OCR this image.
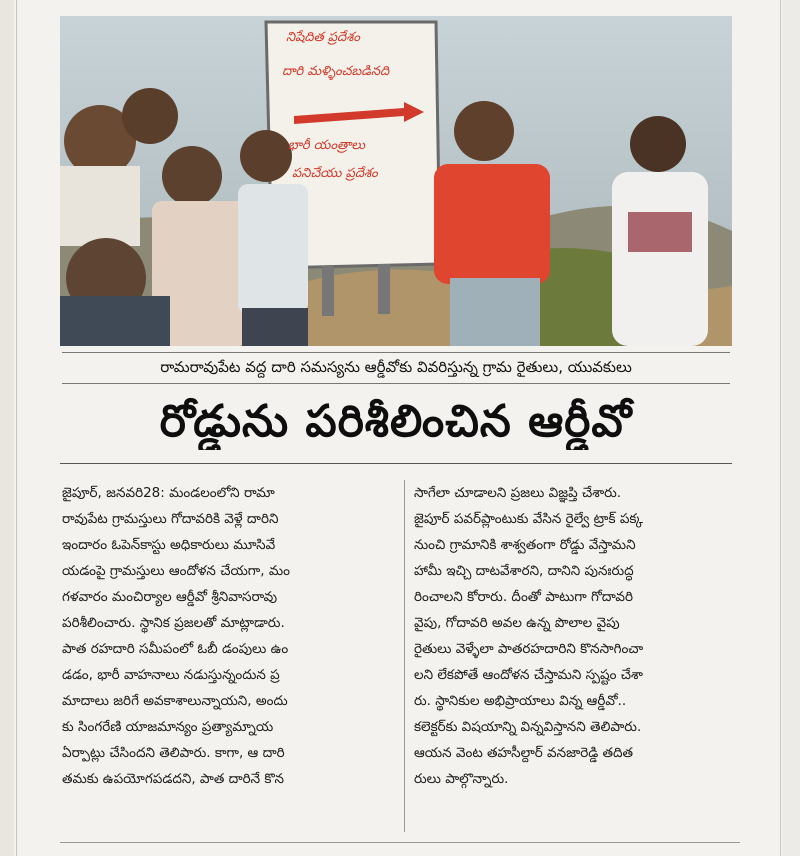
నిషేదిత ప్రదేశం
దారి మళ్ళించబడినది
భారీ యంత్రాలు
పనిచేయు ప్రదేశం
రామరావుపేట వద్ద దారి సమస్యను ఆర్డీవోకు వివరిస్తున్న గ్రామ రైతులు, యువకులు
రోడ్డును పరిశీలించిన ఆర్డీవో
జైపూర్, జనవరి28: మండలంలోని రామా
రావుపేట గ్రామస్తులు గోదావరికి వెళ్లే దారిని
ఇందారం ఓపెన్‌కాస్టు అధికారులు మూసివే
యడంపై గ్రామస్తులు ఆందోళన చేయగా, మం
గళవారం మంచిర్యాల ఆర్డీవో శ్రీనివాసరావు
పరిశీలించారు. స్థానిక ప్రజలతో మాట్లాడారు.
పాత రహదారి సమీపంలో ఓబీ డంపులు ఉం
డడం, భారీ వాహనాలు నడుస్తున్నందున ప్ర
మాదాలు జరిగే అవకాశాలున్నాయని, అందు
కు సింగరేణి యాజమాన్యం ప్రత్యామ్నాయ
ఏర్పాట్లు చేసిందని తెలిపారు. కాగా, ఆ దారి
తమకు ఉపయోగపడదని, పాత దారినే కొన
సాగేలా చూడాలని ప్రజలు విజ్ఞప్తి చేశారు.
జైపూర్ పవర్‌ప్లాంటుకు వేసిన రైల్వే ట్రాక్ పక్క
నుంచి గ్రామానికి శాశ్వతంగా రోడ్డు వేస్తామని
హామీ ఇచ్చి దాటవేశారని, దానిని పునఃరుద్ధ
రించాలని కోరారు. దీంతో పాటుగా గోదావరి
వైపు, గోదావరి అవల ఉన్న పొలాల వైపు
రైతులు వెళ్ళేలా పాతరహదారిని కొనసాగించా
లని లేకపోతే ఆందోళన చేస్తామని స్పష్టం చేశా
రు. స్థానికుల అభిప్రాయాలు విన్న ఆర్డీవో..
కలెక్టర్‌కు విషయాన్ని విన్నవిస్తానని తెలిపారు.
ఆయన వెంట తహసీల్దార్ వనజారెడ్డి తదిత
రులు పాల్గొన్నారు.
